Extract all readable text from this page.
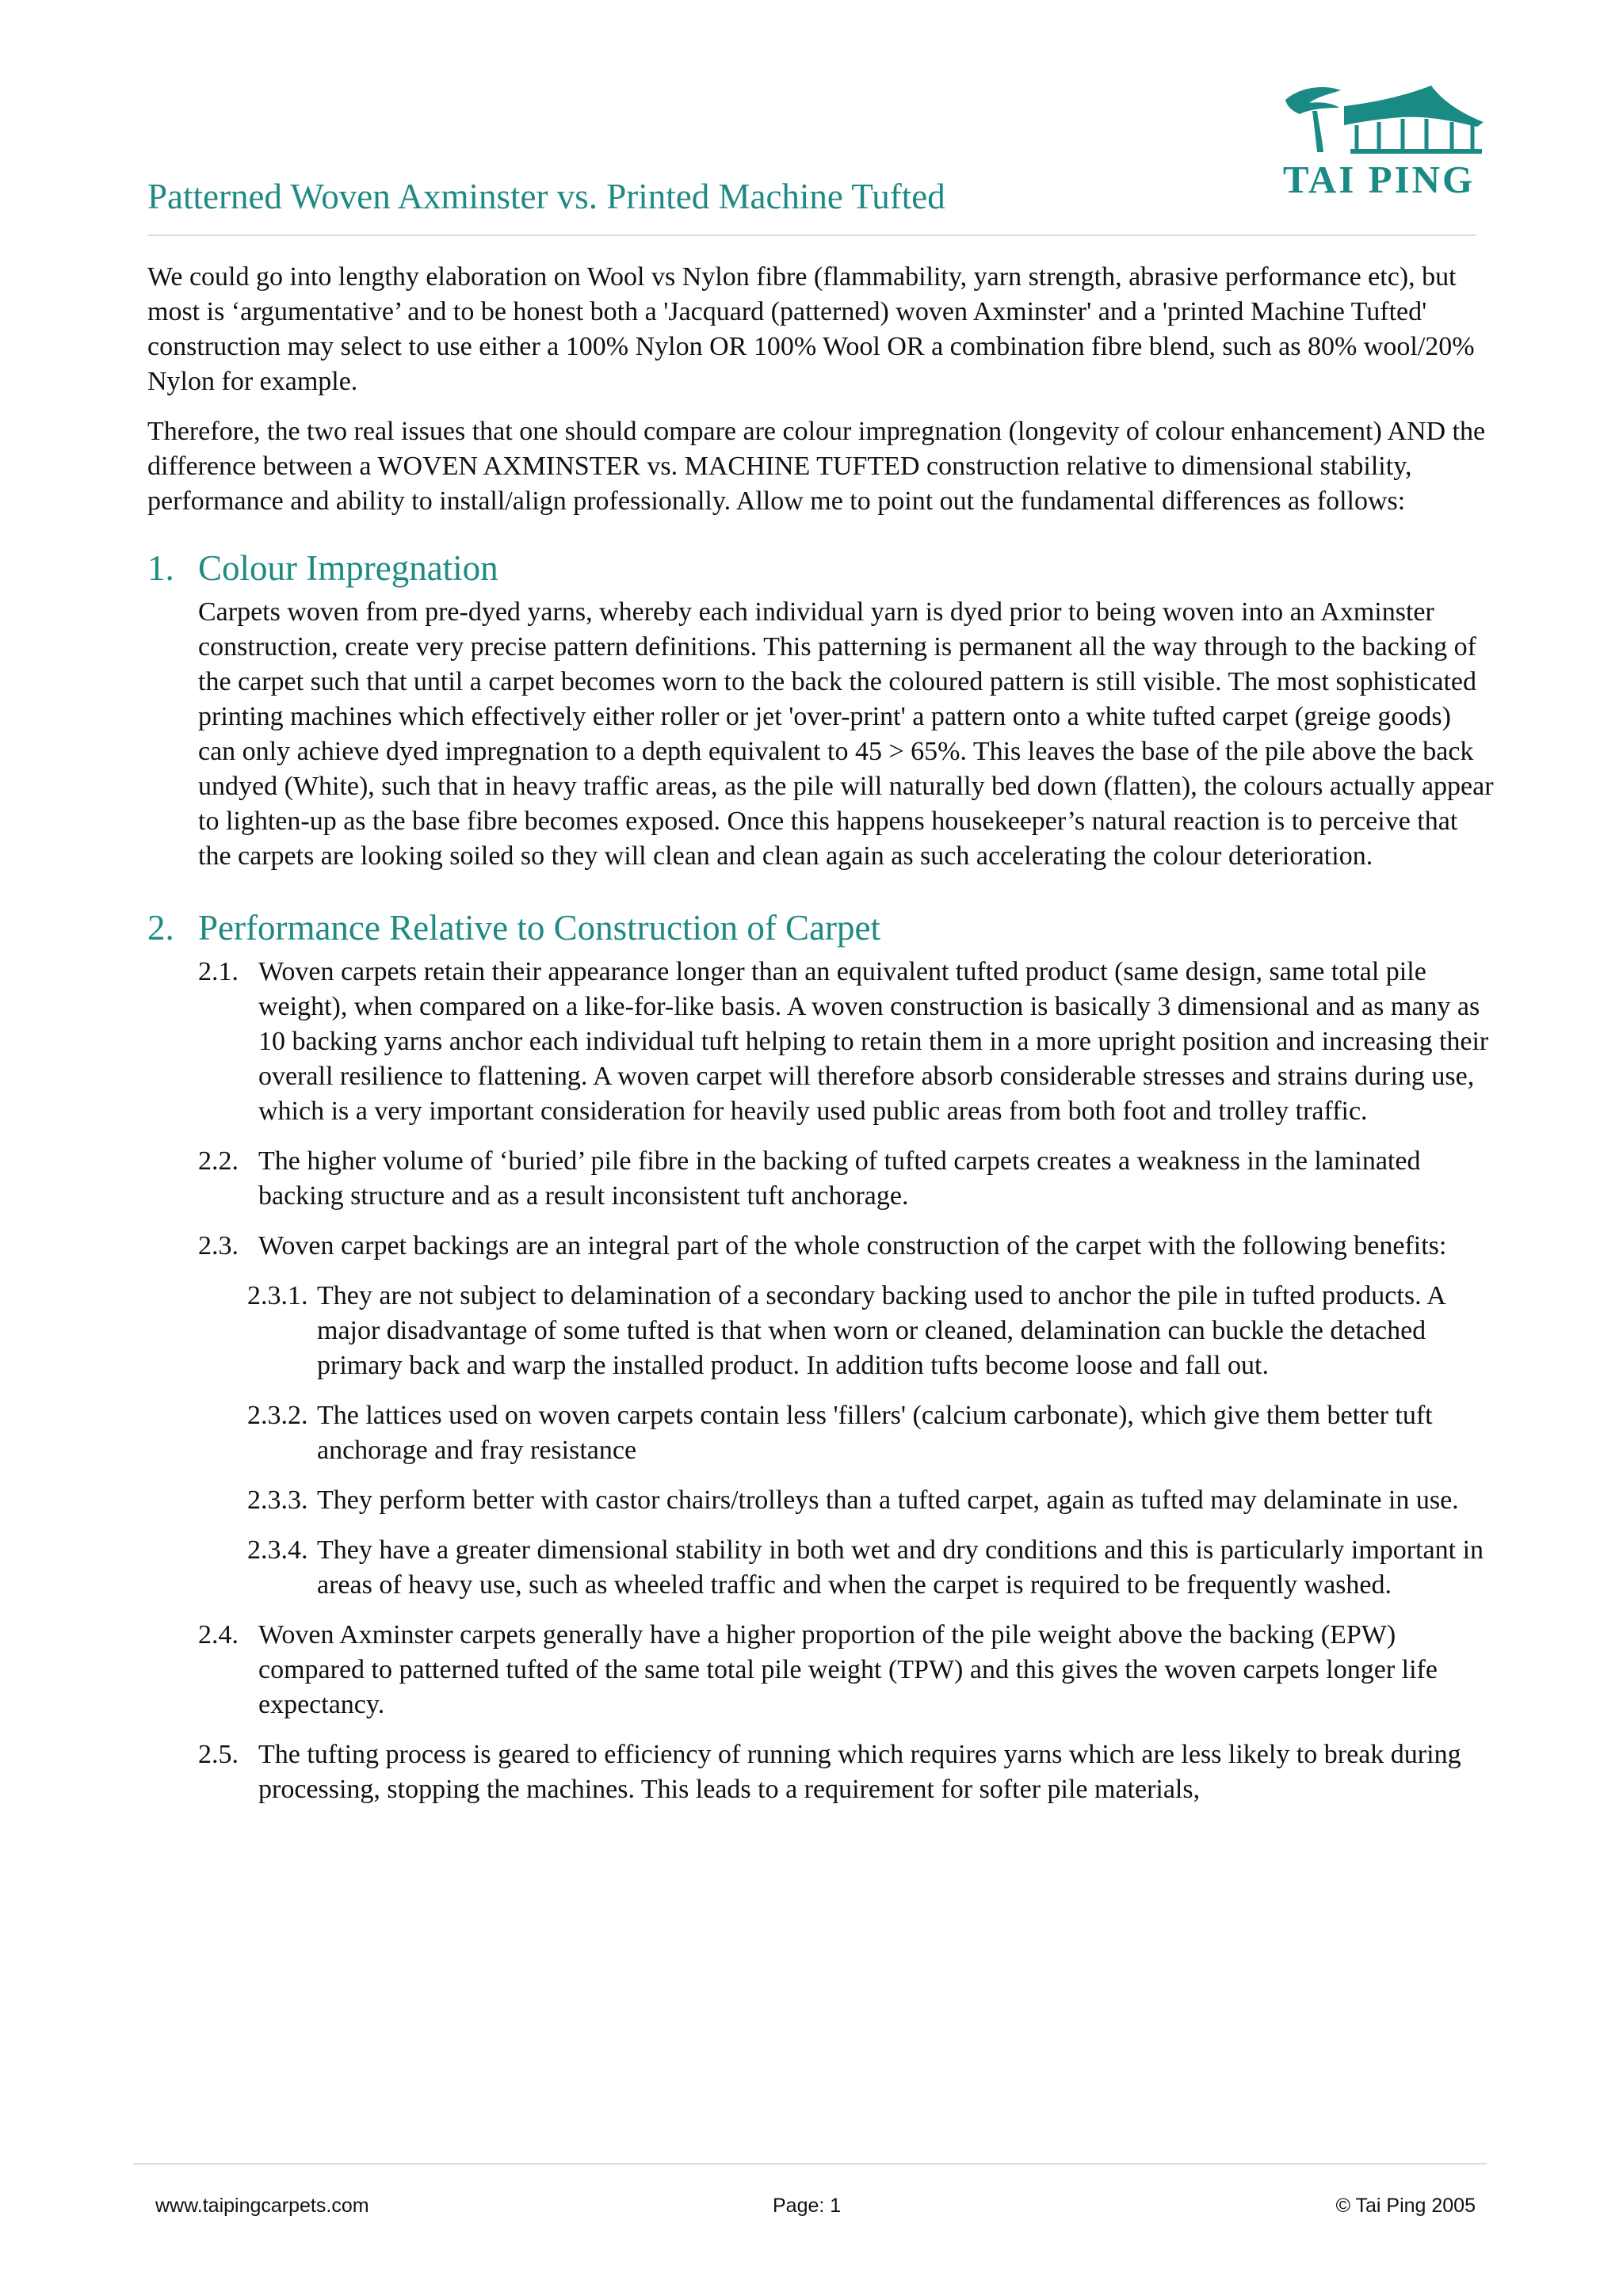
TAI PING
Patterned Woven Axminster vs. Printed Machine Tufted

We could go into lengthy elaboration on Wool vs Nylon fibre (flammability, yarn strength, abrasive performance etc), but most is ‘argumentative’ and to be honest both a 'Jacquard (patterned) woven Axminster' and a 'printed Machine Tufted' construction may select to use either a 100% Nylon OR 100% Wool OR a combination fibre blend, such as 80% wool/20% Nylon for example.

Therefore, the two real issues that one should compare are colour impregnation (longevity of colour enhancement) AND the difference between a WOVEN AXMINSTER vs. MACHINE TUFTED construction relative to dimensional stability, performance and ability to install/align professionally. Allow me to point out the fundamental differences as follows:

1. Colour Impregnation

Carpets woven from pre-dyed yarns, whereby each individual yarn is dyed prior to being woven into an Axminster construction, create very precise pattern definitions. This patterning is permanent all the way through to the backing of the carpet such that until a carpet becomes worn to the back the coloured pattern is still visible. The most sophisticated printing machines which effectively either roller or jet 'over-print' a pattern onto a white tufted carpet (greige goods) can only achieve dyed impregnation to a depth equivalent to 45 > 65%. This leaves the base of the pile above the back undyed (White), such that in heavy traffic areas, as the pile will naturally bed down (flatten), the colours actually appear to lighten-up as the base fibre becomes exposed. Once this happens housekeeper’s natural reaction is to perceive that the carpets are looking soiled so they will clean and clean again as such accelerating the colour deterioration.

2. Performance Relative to Construction of Carpet
2.1. Woven carpets retain their appearance longer than an equivalent tufted product (same design, same total pile weight), when compared on a like-for-like basis. A woven construction is basically 3 dimensional and as many as 10 backing yarns anchor each individual tuft helping to retain them in a more upright position and increasing their overall resilience to flattening. A woven carpet will therefore absorb considerable stresses and strains during use, which is a very important consideration for heavily used public areas from both foot and trolley traffic.
2.2. The higher volume of ‘buried’ pile fibre in the backing of tufted carpets creates a weakness in the laminated backing structure and as a result inconsistent tuft anchorage.
2.3. Woven carpet backings are an integral part of the whole construction of the carpet with the following benefits:
2.3.1. They are not subject to delamination of a secondary backing used to anchor the pile in tufted products. A major disadvantage of some tufted is that when worn or cleaned, delamination can buckle the detached primary back and warp the installed product. In addition tufts become loose and fall out.
2.3.2. The lattices used on woven carpets contain less 'fillers' (calcium carbonate), which give them better tuft anchorage and fray resistance
2.3.3. They perform better with castor chairs/trolleys than a tufted carpet, again as tufted may delaminate in use.
2.3.4. They have a greater dimensional stability in both wet and dry conditions and this is particularly important in areas of heavy use, such as wheeled traffic and when the carpet is required to be frequently washed.
2.4. Woven Axminster carpets generally have a higher proportion of the pile weight above the backing (EPW) compared to patterned tufted of the same total pile weight (TPW) and this gives the woven carpets longer life expectancy.
2.5. The tufting process is geared to efficiency of running which requires yarns which are less likely to break during processing, stopping the machines. This leads to a requirement for softer pile materials,
www.taipingcarpets.com	Page: 1	© Tai Ping 2005
